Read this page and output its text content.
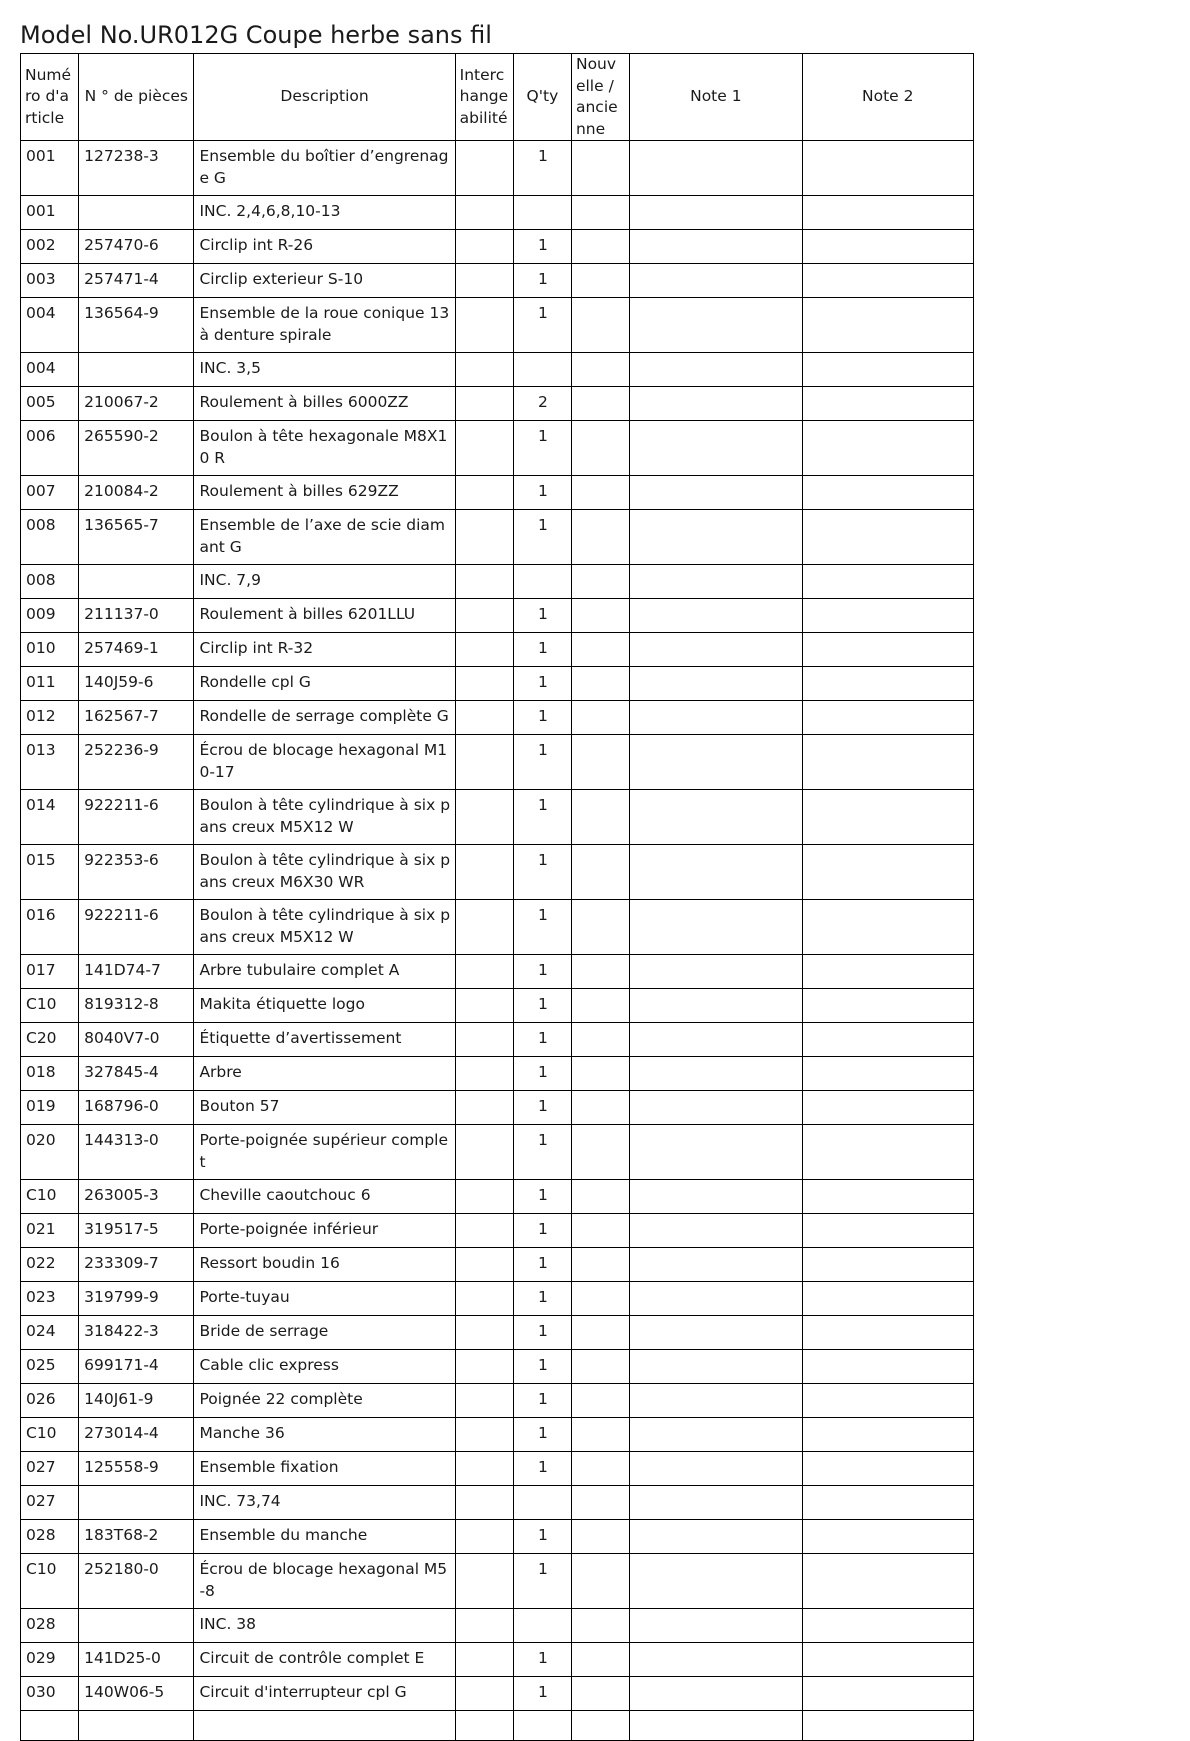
Model No.UR012G Coupe herbe sans fil
Numéro d'article	N ° de pièces	Description	Interchangeabilité	Q'ty	Nouvelle / ancienne	Note 1	Note 2
001	127238-3	Ensemble du boîtier d’engrenage G		1			
001		INC. 2,4,6,8,10-13					
002	257470-6	Circlip int R-26		1			
003	257471-4	Circlip exterieur S-10		1			
004	136564-9	Ensemble de la roue conique 13 à denture spirale		1			
004		INC. 3,5					
005	210067-2	Roulement à billes 6000ZZ		2			
006	265590-2	Boulon à tête hexagonale M8X10 R		1			
007	210084-2	Roulement à billes 629ZZ		1			
008	136565-7	Ensemble de l’axe de scie diamant G		1			
008		INC. 7,9					
009	211137-0	Roulement à billes 6201LLU		1			
010	257469-1	Circlip int R-32		1			
011	140J59-6	Rondelle cpl G		1			
012	162567-7	Rondelle de serrage complète G		1			
013	252236-9	Écrou de blocage hexagonal M10-17		1			
014	922211-6	Boulon à tête cylindrique à six pans creux M5X12 W		1			
015	922353-6	Boulon à tête cylindrique à six pans creux M6X30 WR		1			
016	922211-6	Boulon à tête cylindrique à six pans creux M5X12 W		1			
017	141D74-7	Arbre tubulaire complet A		1			
C10	819312-8	Makita étiquette logo		1			
C20	8040V7-0	Étiquette d’avertissement		1			
018	327845-4	Arbre		1			
019	168796-0	Bouton 57		1			
020	144313-0	Porte-poignée supérieur complet		1			
C10	263005-3	Cheville caoutchouc 6		1			
021	319517-5	Porte-poignée inférieur		1			
022	233309-7	Ressort boudin 16		1			
023	319799-9	Porte-tuyau		1			
024	318422-3	Bride de serrage		1			
025	699171-4	Cable clic express		1			
026	140J61-9	Poignée 22 complète		1			
C10	273014-4	Manche 36		1			
027	125558-9	Ensemble fixation		1			
027		INC. 73,74					
028	183T68-2	Ensemble du manche		1			
C10	252180-0	Écrou de blocage hexagonal M5-8		1			
028		INC. 38					
029	141D25-0	Circuit de contrôle complet E		1			
030	140W06-5	Circuit d'interrupteur cpl G		1			
